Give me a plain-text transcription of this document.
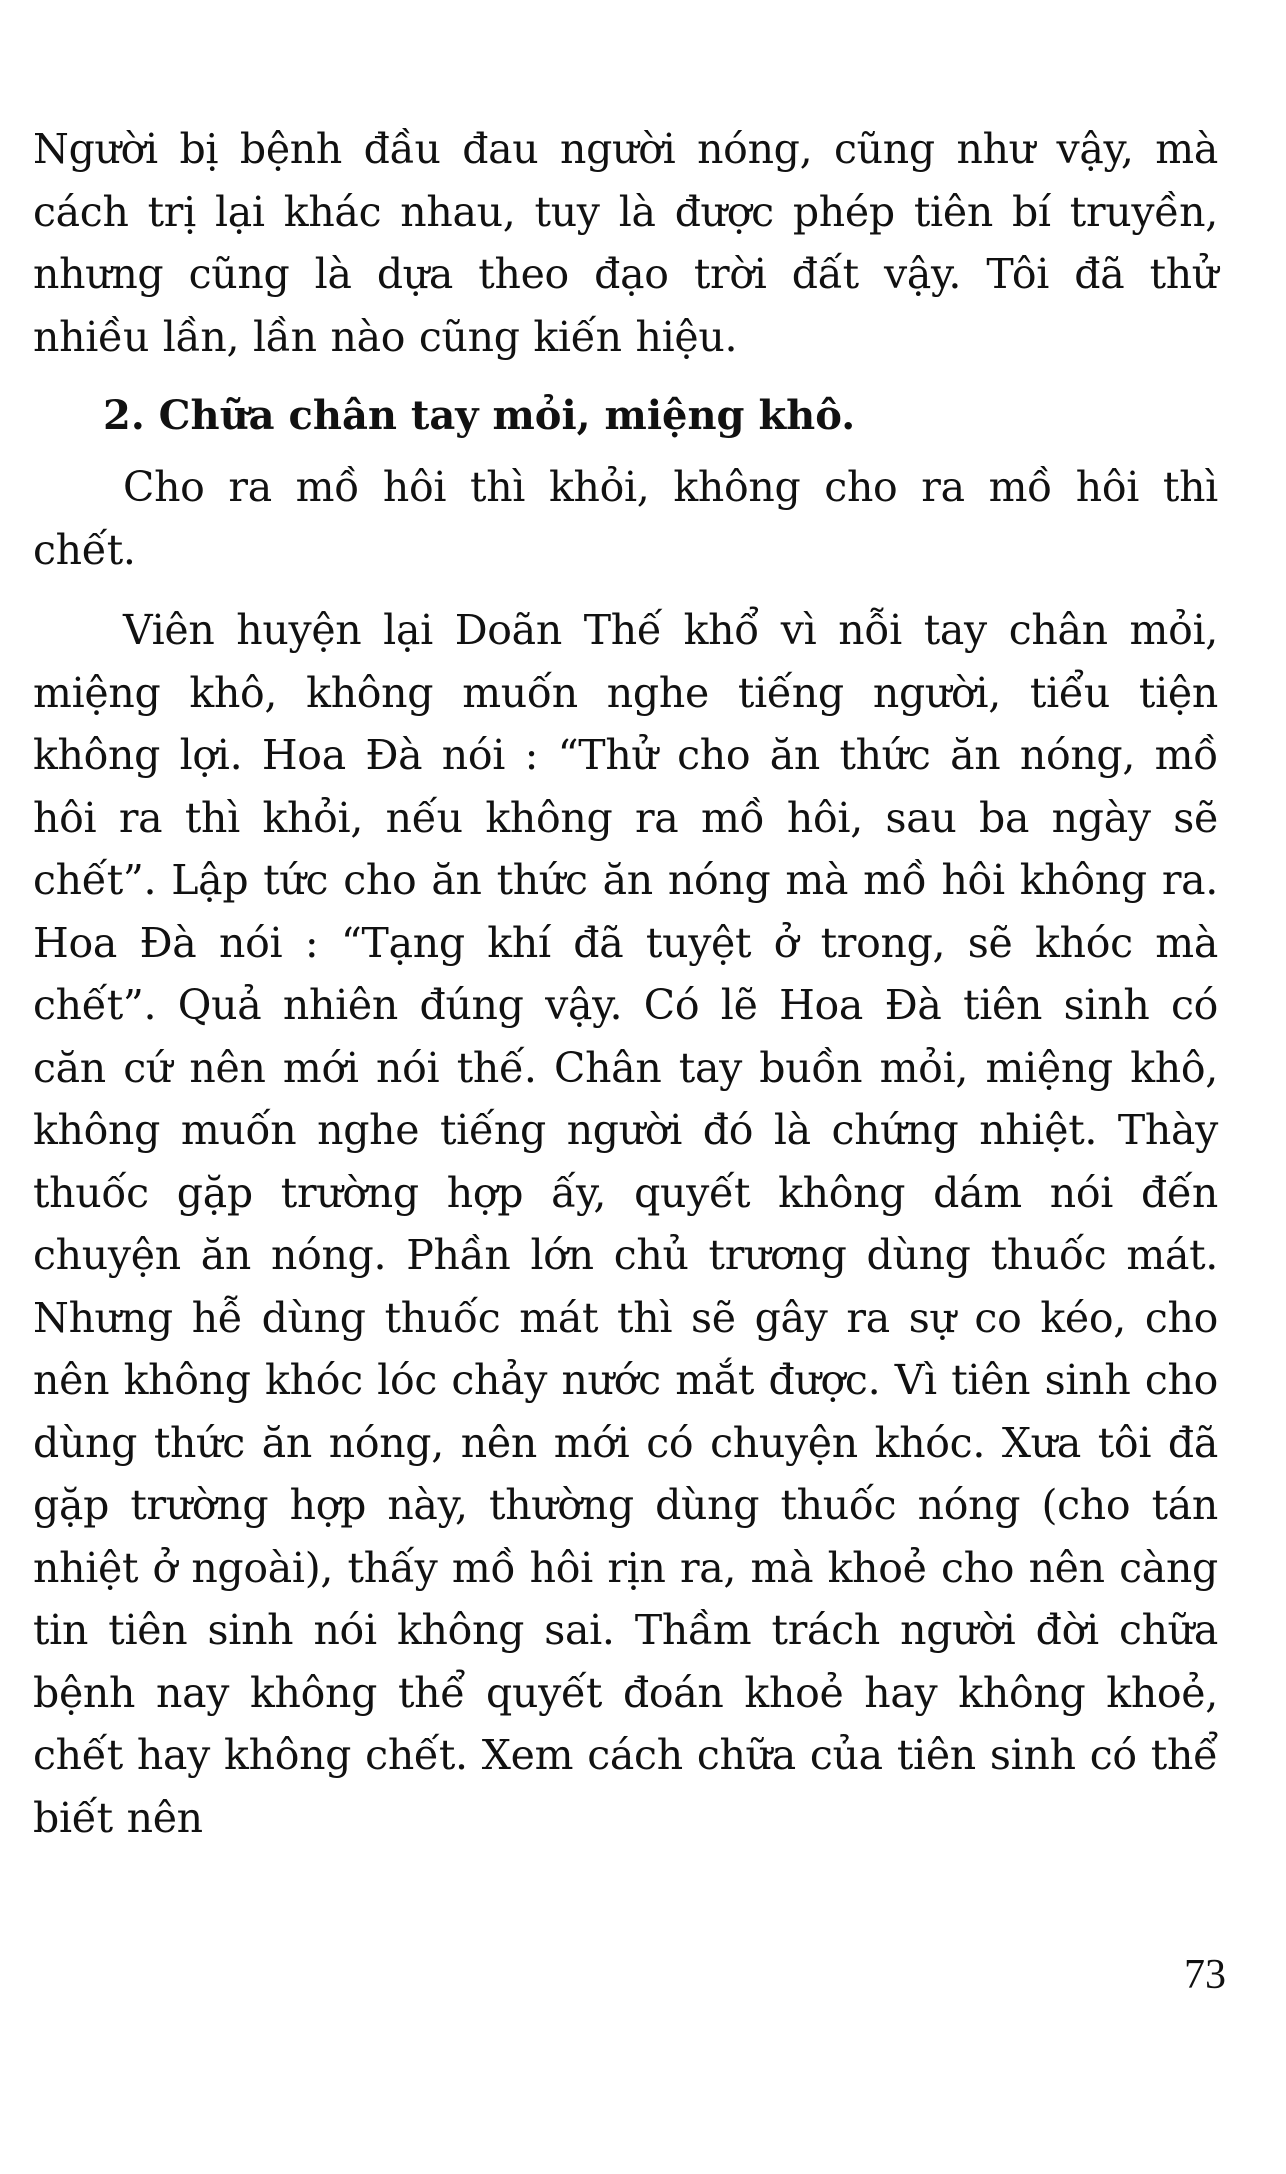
Người bị bệnh đầu đau người nóng, cũng như vậy, mà cách trị lại khác nhau, tuy là được phép tiên bí truyền, nhưng cũng là dựa theo đạo trời đất vậy. Tôi đã thử nhiều lần, lần nào cũng kiến hiệu.

2. Chữa chân tay mỏi, miệng khô.

Cho ra mồ hôi thì khỏi, không cho ra mồ hôi thì chết.

Viên huyện lại Doãn Thế khổ vì nỗi tay chân mỏi, miệng khô, không muốn nghe tiếng người, tiểu tiện không lợi. Hoa Đà nói : “Thử cho ăn thức ăn nóng, mồ hôi ra thì khỏi, nếu không ra mồ hôi, sau ba ngày sẽ chết”. Lập tức cho ăn thức ăn nóng mà mồ hôi không ra. Hoa Đà nói : “Tạng khí đã tuyệt ở trong, sẽ khóc mà chết”. Quả nhiên đúng vậy. Có lẽ Hoa Đà tiên sinh có căn cứ nên mới nói thế. Chân tay buồn mỏi, miệng khô, không muốn nghe tiếng người đó là chứng nhiệt. Thày thuốc gặp trường hợp ấy, quyết không dám nói đến chuyện ăn nóng. Phần lớn chủ trương dùng thuốc mát. Nhưng hễ dùng thuốc mát thì sẽ gây ra sự co kéo, cho nên không khóc lóc chảy nước mắt được. Vì tiên sinh cho dùng thức ăn nóng, nên mới có chuyện khóc. Xưa tôi đã gặp trường hợp này, thường dùng thuốc nóng (cho tán nhiệt ở ngoài), thấy mồ hôi rịn ra, mà khoẻ cho nên càng tin tiên sinh nói không sai. Thầm trách người đời chữa bệnh nay không thể quyết đoán khoẻ hay không khoẻ, chết hay không chết. Xem cách chữa của tiên sinh có thể biết nên

73
